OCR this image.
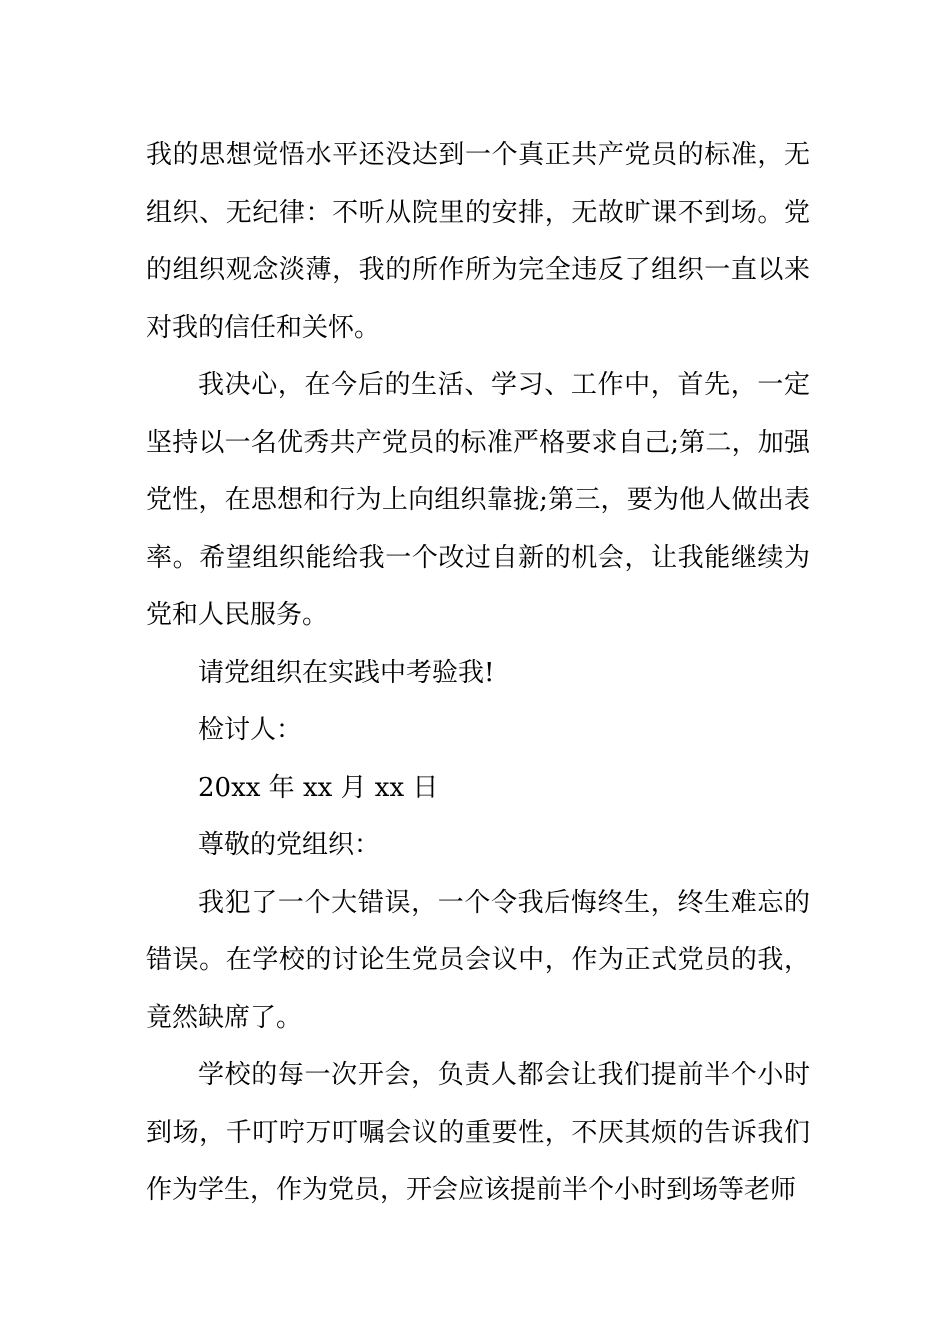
我的思想觉悟水平还没达到一个真正共产党员的标准，无组织、无纪律：不听从院里的安排，无故旷课不到场。党的组织观念淡薄，我的所作所为完全违反了组织一直以来对我的信任和关怀。

我决心，在今后的生活、学习、工作中，首先，一定坚持以一名优秀共产党员的标准严格要求自己;第二，加强党性，在思想和行为上向组织靠拢;第三，要为他人做出表率。希望组织能给我一个改过自新的机会，让我能继续为党和人民服务。

请党组织在实践中考验我!

检讨人：

20xx 年 xx 月 xx 日

尊敬的党组织：

我犯了一个大错误，一个令我后悔终生，终生难忘的错误。在学校的讨论生党员会议中，作为正式党员的我，竟然缺席了。

学校的每一次开会，负责人都会让我们提前半个小时到场，千叮咛万叮嘱会议的重要性，不厌其烦的告诉我们作为学生，作为党员，开会应该提前半个小时到场等老师
